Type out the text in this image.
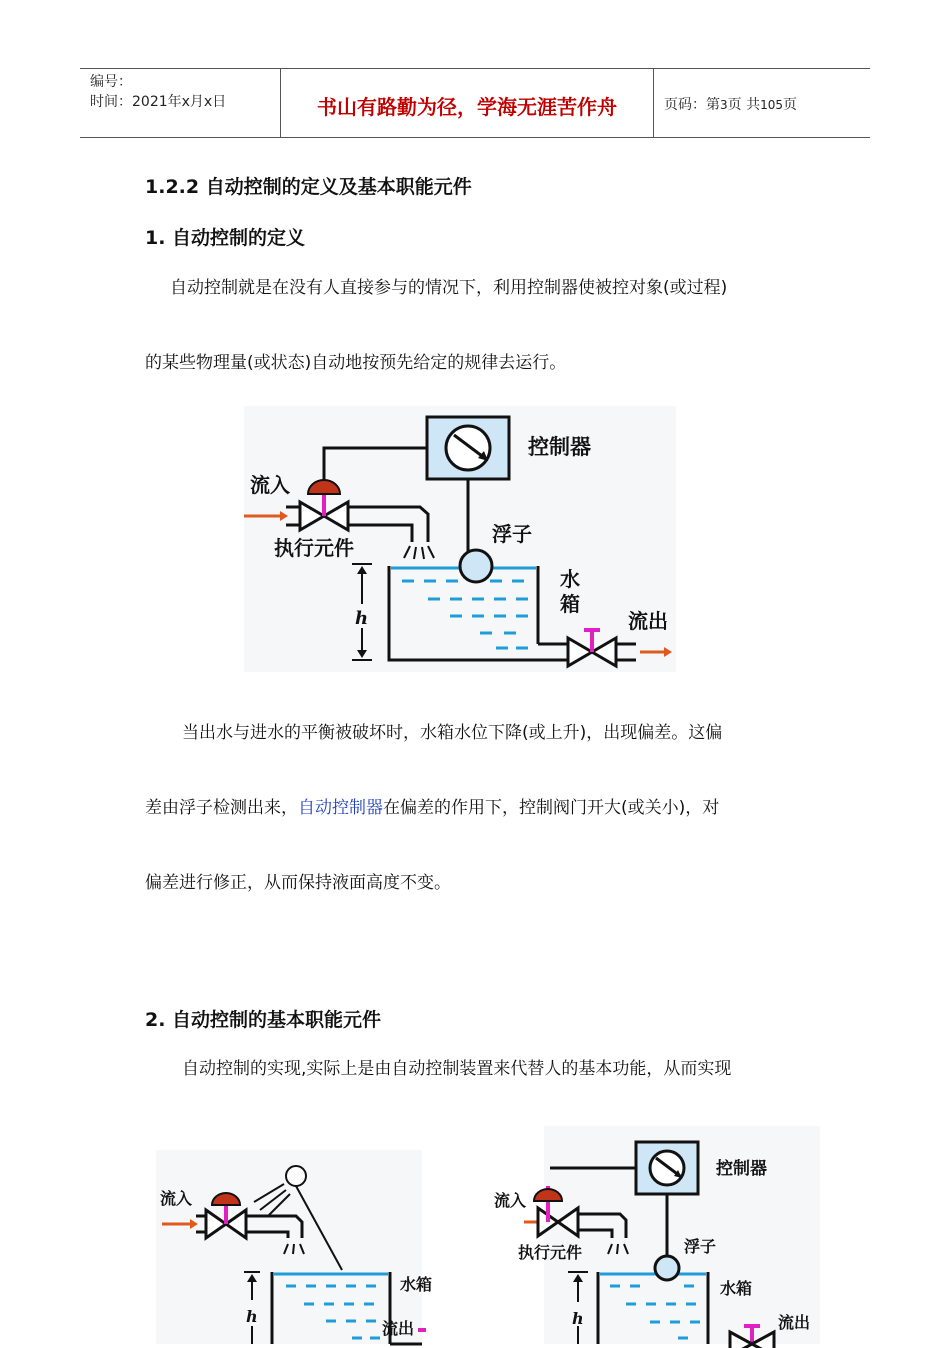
编号：
时间：2021年x月x日	书山有路勤为径，学海无涯苦作舟	页码：第3页 共105页
1.2.2 自动控制的定义及基本职能元件
1. 自动控制的定义
自动控制就是在没有人直接参与的情况下，利用控制器使被控对象(或过程)
的某些物理量(或状态)自动地按预先给定的规律去运行。
控制器
流入
执行元件
浮子
水
箱
h	流出
当出水与进水的平衡被破坏时，水箱水位下降(或上升)，出现偏差。这偏
差由浮子检测出来，自动控制器在偏差的作用下，控制阀门开大(或关小)，对
偏差进行修正，从而保持液面高度不变。
2. 自动控制的基本职能元件
自动控制的实现,实际上是由自动控制装置来代替人的基本功能，从而实现
流入
水箱
h
流出
控制器
流入
执行元件	浮子
水箱
h	流出
